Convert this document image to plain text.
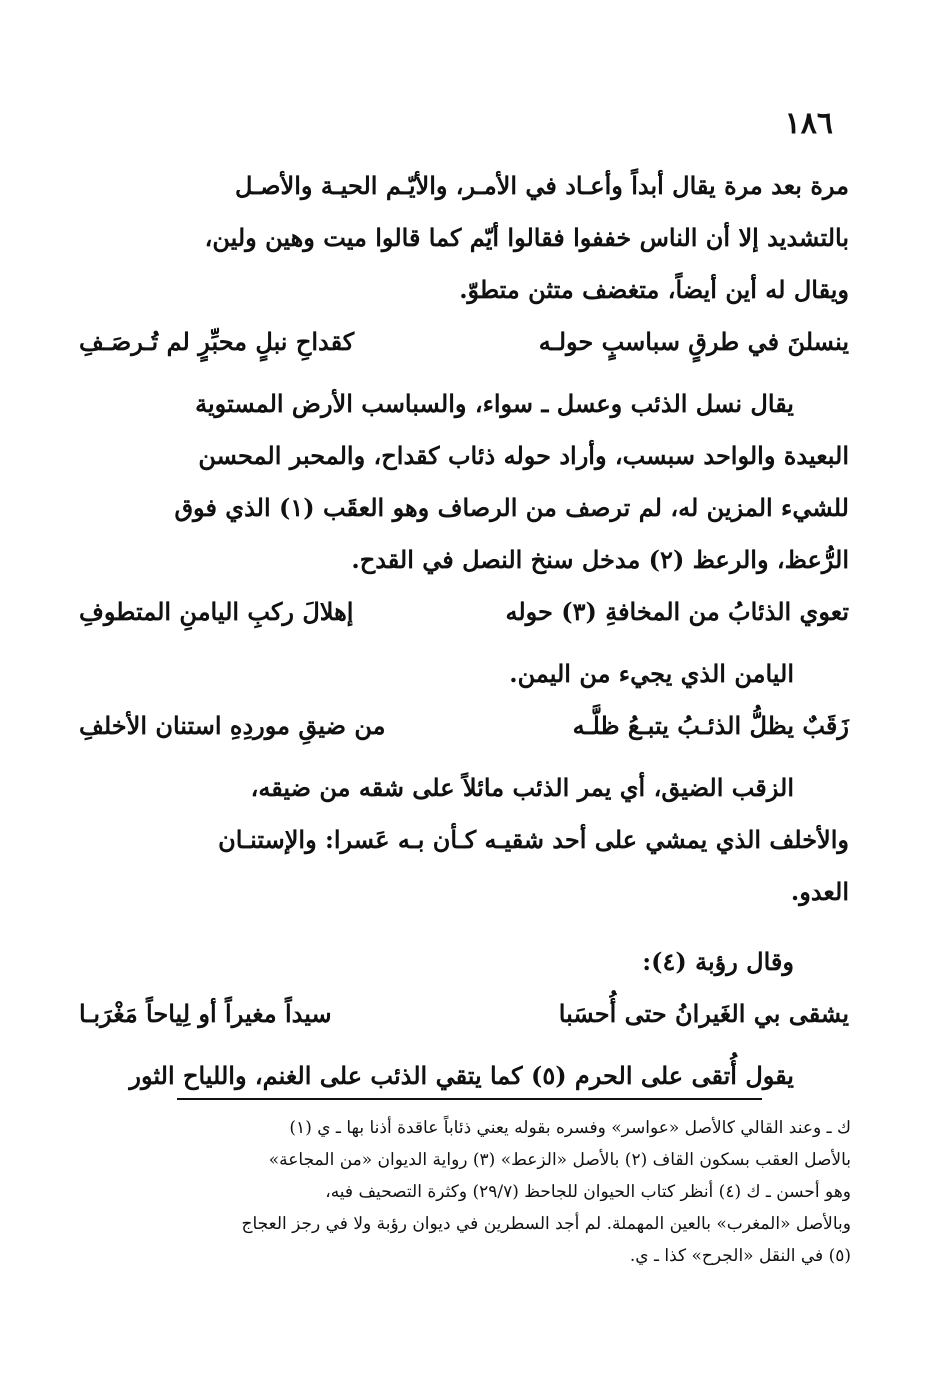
١٨٦
مرة بعد مرة يقال أبداً وأعـاد في الأمـر، والأيّـم الحيـة والأصـل
بالتشديد إلا أن الناس خففوا فقالوا أيّم كما قالوا ميت وهين ولين،
ويقال له أين أيضاً، متغضف متثن متطوّ.
ينسلنَ في طرقٍ سباسبٍ حولـه
كقداحِ نبلٍ محبِّرٍ لم تُـرصَـفِ
يقال نسل الذئب وعسل ـ سواء، والسباسب الأرض المستوية
البعيدة والواحد سبسب، وأراد حوله ذئاب كقداح، والمحبر المحسن
للشيء المزين له، لم ترصف من الرصاف وهو العقَب (١) الذي فوق
الرُّعظ، والرعظ (٢) مدخل سنخ النصل في القدح.
تعوي الذئابُ من المخافةِ (٣) حوله
إهلالَ ركبِ اليامنِ المتطوفِ
اليامن الذي يجيء من اليمن.
زَقَبٌ يظلُّ الذئـبُ يتبـعُ ظلَّـه
من ضيقِ موردِهِ استنان الأخلفِ
الزقب الضيق، أي يمر الذئب مائلاً على شقه من ضيقه،
والأخلف الذي يمشي على أحد شقيـه كـأن بـه عَسرا: والإستنـان
العدو.
وقال رؤبة (٤):
يشقى بي الغَيرانُ حتى أُحسَبا
سيداً مغيراً أو لِياحاً مَغْرَبـا
يقول أُتقى على الحرم (٥) كما يتقي الذئب على الغنم، واللياح الثور
ك ـ وعند القالي كالأصل «عواسر» وفسره بقوله يعني ذئاباً عاقدة أذنا بها ـ ي (١)
بالأصل العقب بسكون القاف (٢) بالأصل «الزعط» (٣) رواية الديوان «من المجاعة»
وهو أحسن ـ ك (٤) أنظر كتاب الحيوان للجاحظ (٢٩/٧) وكثرة التصحيف فيه،
وبالأصل «المغرب» بالعين المهملة. لم أجد السطرين في ديوان رؤبة ولا في رجز العجاج
(٥) في النقل «الجرح» كذا ـ ي.
